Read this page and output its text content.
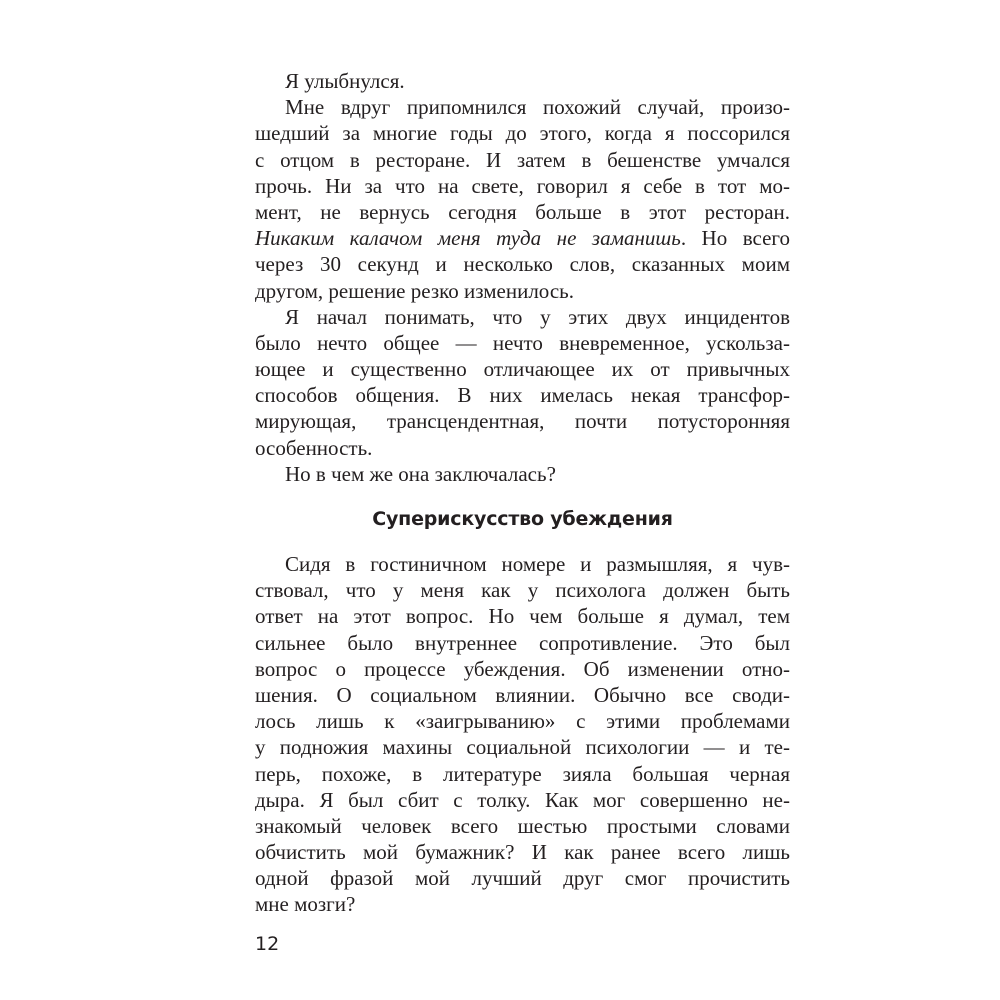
Я улыбнулся.
Мне вдруг припомнился похожий случай, произо-
шедший за многие годы до этого, когда я поссорился
с отцом в ресторане. И затем в бешенстве умчался
прочь. Ни за что на свете, говорил я себе в тот мо-
мент, не вернусь сегодня больше в этот ресторан.
Никаким калачом меня туда не заманишь. Но всего
через 30 секунд и несколько слов, сказанных моим
другом, решение резко изменилось.
Я начал понимать, что у этих двух инцидентов
было нечто общее — нечто вневременное, ускольза-
ющее и существенно отличающее их от привычных
способов общения. В них имелась некая трансфор-
мирующая, трансцендентная, почти потусторонняя
особенность.
Но в чем же она заключалась?
Суперискусство убеждения
Сидя в гостиничном номере и размышляя, я чув-
ствовал, что у меня как у психолога должен быть
ответ на этот вопрос. Но чем больше я думал, тем
сильнее было внутреннее сопротивление. Это был
вопрос о процессе убеждения. Об изменении отно-
шения. О социальном влиянии. Обычно все своди-
лось лишь к «заигрыванию» с этими проблемами
у подножия махины социальной психологии — и те-
перь, похоже, в литературе зияла большая черная
дыра. Я был сбит с толку. Как мог совершенно не-
знакомый человек всего шестью простыми словами
обчистить мой бумажник? И как ранее всего лишь
одной фразой мой лучший друг смог прочистить
мне мозги?
12
